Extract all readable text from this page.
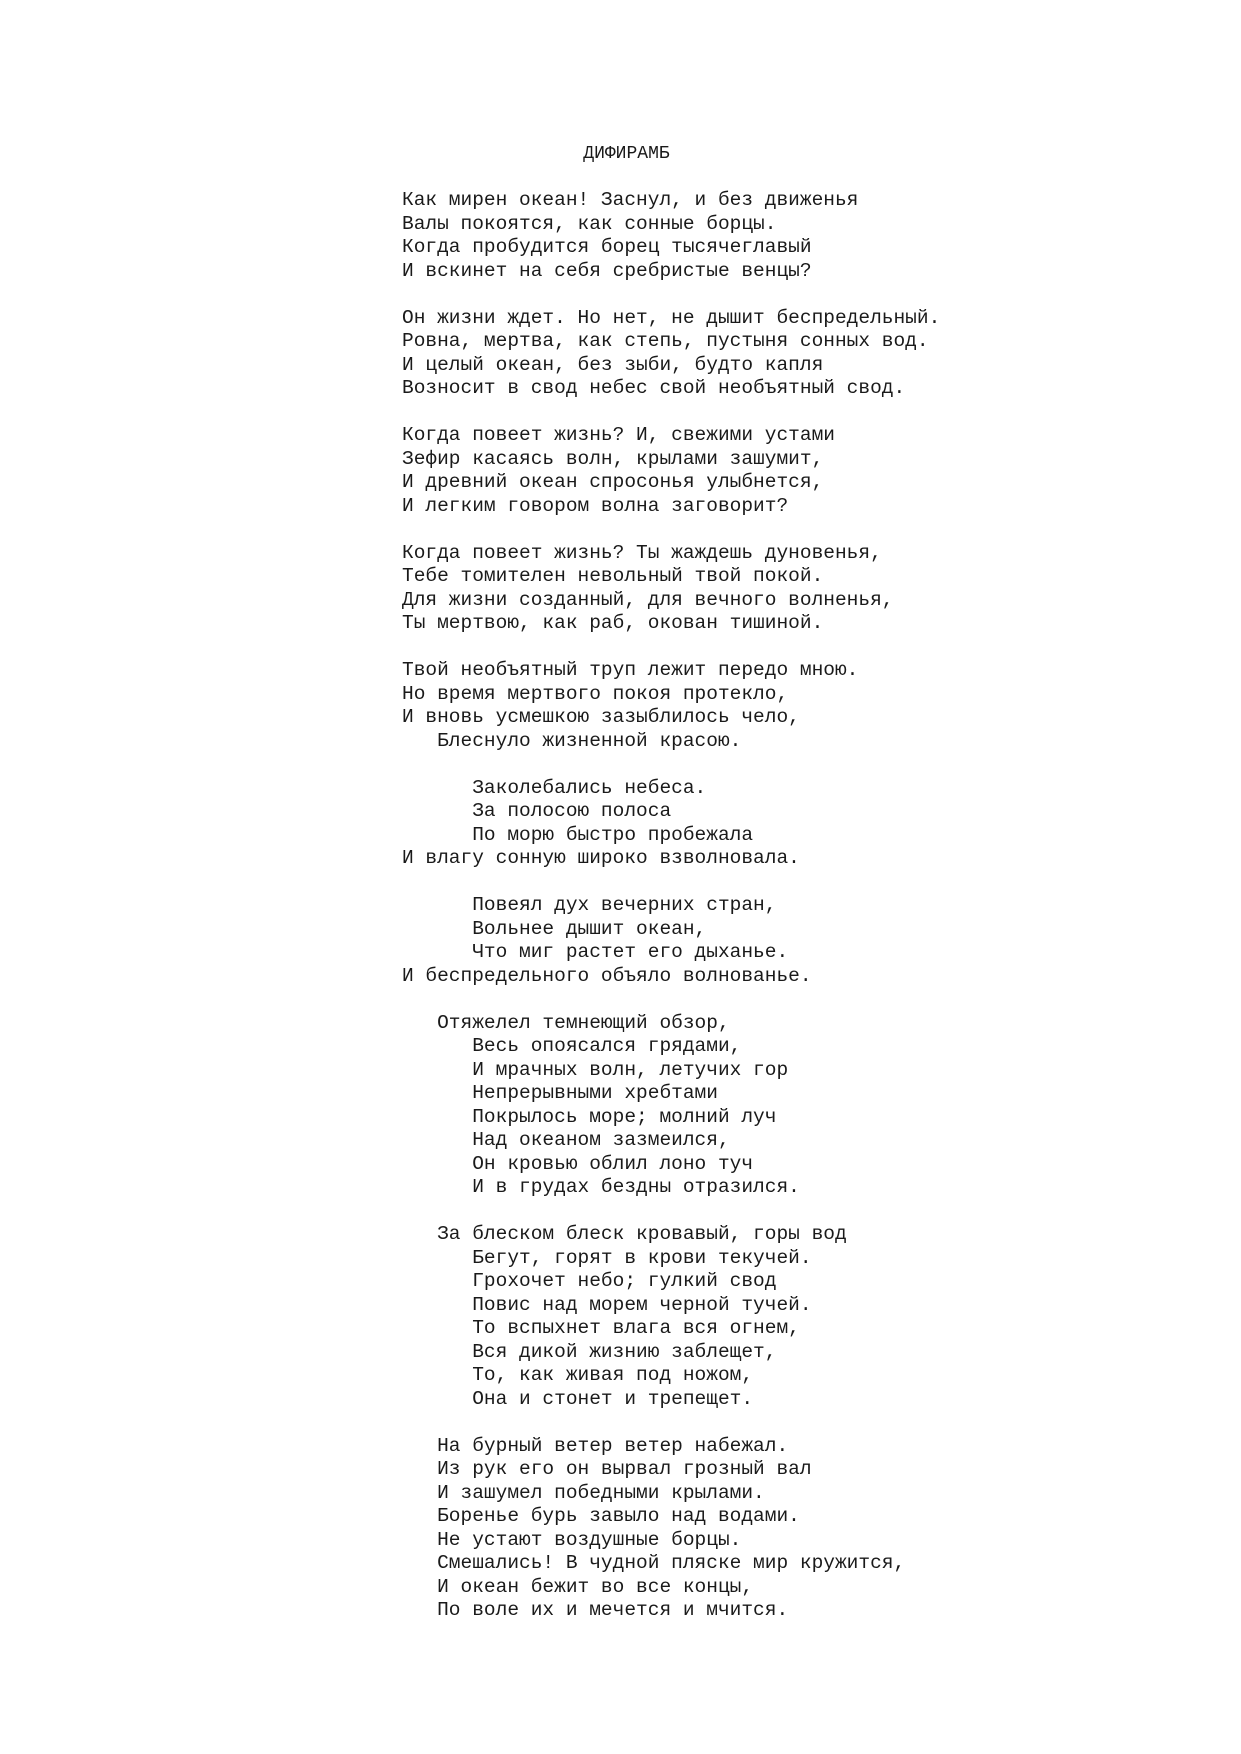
ДИФИРАМБ
Как мирен океан! Заснул, и без движенья
Валы покоятся, как сонные борцы.
Когда пробудится борец тысячеглавый
И вскинет на себя сребристые венцы?
Он жизни ждет. Но нет, не дышит беспредельный.
Ровна, мертва, как степь, пустыня сонных вод.
И целый океан, без зыби, будто капля
Возносит в свод небес свой необъятный свод.
Когда повеет жизнь? И, свежими устами
Зефир касаясь волн, крылами зашумит,
И древний океан спросонья улыбнется,
И легким говором волна заговорит?
Когда повеет жизнь? Ты жаждешь дуновенья,
Тебе томителен невольный твой покой.
Для жизни созданный, для вечного волненья,
Ты мертвою, как раб, окован тишиной.
Твой необъятный труп лежит передо мною.
Но время мертвого покоя протекло,
И вновь усмешкою зазыблилось чело,
Блеснуло жизненной красою.
Заколебались небеса.
За полосою полоса
По морю быстро пробежала
И влагу сонную широко взволновала.
Повеял дух вечерних стран,
Вольнее дышит океан,
Что миг растет его дыханье.
И беспредельного объяло волнованье.
Отяжелел темнеющий обзор,
Весь опоясался грядами,
И мрачных волн, летучих гор
Непрерывными хребтами
Покрылось море; молний луч
Над океаном зазмеился,
Он кровью облил лоно туч
И в грудах бездны отразился.
За блеском блеск кровавый, горы вод
Бегут, горят в крови текучей.
Грохочет небо; гулкий свод
Повис над морем черной тучей.
То вспыхнет влага вся огнем,
Вся дикой жизнию заблещет,
То, как живая под ножом,
Она и стонет и трепещет.
На бурный ветер ветер набежал.
Из рук его он вырвал грозный вал
И зашумел победными крылами.
Боренье бурь завыло над водами.
Не устают воздушные борцы.
Смешались! В чудной пляске мир кружится,
И океан бежит во все концы,
По воле их и мечется и мчится.
